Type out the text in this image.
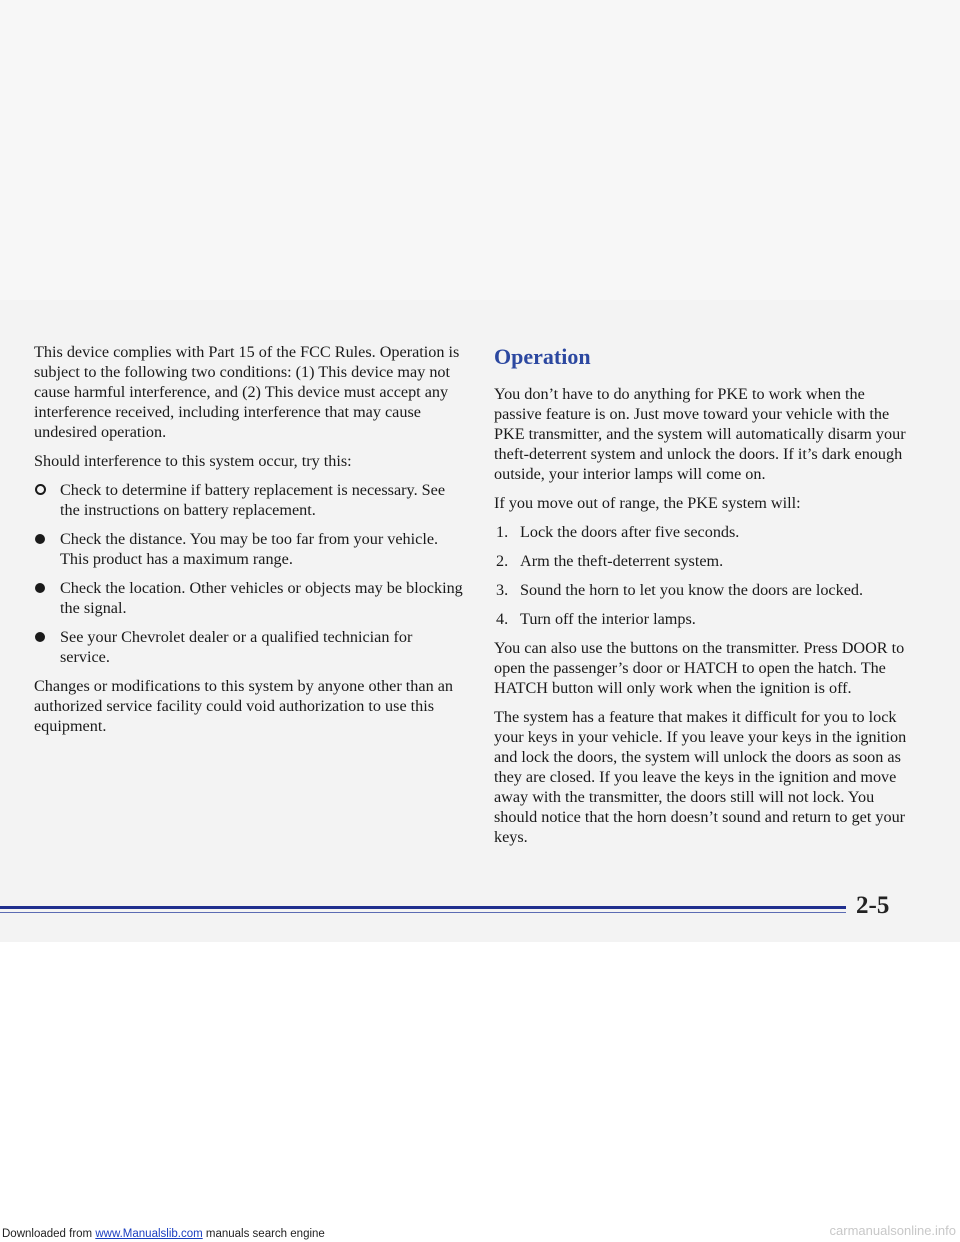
This device complies with Part 15 of the FCC Rules. Operation is subject to the following two conditions: (1) This device may not cause harmful interference, and (2) This device must accept any interference received, including interference that may cause undesired operation.

Should interference to this system occur, try this:

Check to determine if battery replacement is necessary. See the instructions on battery replacement.

Check the distance. You may be too far from your vehicle. This product has a maximum range.

Check the location. Other vehicles or objects may be blocking the signal.

See your Chevrolet dealer or a qualified technician for service.

Changes or modifications to this system by anyone other than an authorized service facility could void authorization to use this equipment.

Operation

You don’t have to do anything for PKE to work when the passive feature is on. Just move toward your vehicle with the PKE transmitter, and the system will automatically disarm your theft-deterrent system and unlock the doors. If it’s dark enough outside, your interior lamps will come on.

If you move out of range, the PKE system will:

1. Lock the doors after five seconds.

2. Arm the theft-deterrent system.

3. Sound the horn to let you know the doors are locked.

4. Turn off the interior lamps.

You can also use the buttons on the transmitter. Press DOOR to open the passenger’s door or HATCH to open the hatch. The HATCH button will only work when the ignition is off.

The system has a feature that makes it difficult for you to lock your keys in your vehicle. If you leave your keys in the ignition and lock the doors, the system will unlock the doors as soon as they are closed. If you leave the keys in the ignition and move away with the transmitter, the doors still will not lock. You should notice that the horn doesn’t sound and return to get your keys.

2-5
Downloaded from www.Manualslib.com manuals search engine	carmanualsonline.info
